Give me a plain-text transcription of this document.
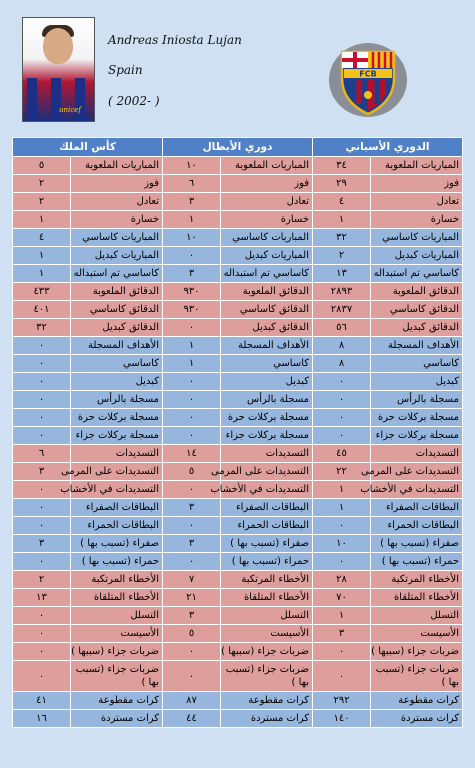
unicef
Andreas Iniosta Lujan
Spain
( 2002- )
FCB
الدوري الأسباني		دوري الأبطال		كأس الملك	
المباريات الملعوبة	٣٤	المباريات الملعوبة	١٠	المباريات الملعوبة	٥
فوز	٢٩	فوز	٦	فوز	٢
تعادل	٤	تعادل	٣	تعادل	٢
خسارة	١	خسارة	١	خسارة	١
المباريات كاساسي	٣٢	المباريات كاساسي	١٠	المباريات كاساسي	٤
المباريات كبديل	٢	المباريات كبديل	٠	المباريات كبديل	١
كاساسي تم استبداله	١٣	كاساسي تم استبداله	٣	كاساسي تم استبداله	١
الدقائق الملعوبة	٢٨٩٣	الدقائق الملعوبة	٩٣٠	الدقائق الملعوبة	٤٣٣
الدقائق كاساسي	٢٨٣٧	الدقائق كاساسي	٩٣٠	الدقائق كاساسي	٤٠١
الدقائق كبديل	٥٦	الدقائق كبديل	٠	الدقائق كبديل	٣٢
الأهداف المسجلة	٨	الأهداف المسجلة	١	الأهداف المسجلة	٠
كاساسي	٨	كاساسي	١	كاساسي	٠
كبديل	٠	كبديل	٠	كبديل	٠
مسجلة بالرأس	٠	مسجلة بالرأس	٠	مسجلة بالرأس	٠
مسجلة بركلات حرة	٠	مسجلة بركلات حرة	٠	مسجلة بركلات حرة	٠
مسجلة بركلات جزاء	٠	مسجلة بركلات جزاء	٠	مسجلة بركلات جزاء	٠
التسديدات	٤٥	التسديدات	١٤	التسديدات	٦
التسديدات على المرمى	٢٢	التسديدات على المرمى	٥	التسديدات على المرمى	٣
التسديدات في الأخشاب	١	التسديدات في الأخشاب	٠	التسديدات في الأخشاب	٠
البطاقات الصفراء	١	البطاقات الصفراء	٣	البطاقات الصفراء	٠
البطاقات الحمراء	٠	البطاقات الحمراء	٠	البطاقات الحمراء	٠
صفراء (تسبب بها )	١٠	صفراء (تسبب بها )	٣	صفراء (تسبب بها )	٣
حمراء (تسبب بها )	٠	حمراء (تسبب بها )	٠	حمراء (تسبب بها )	٠
الأخطاء المرتكبة	٢٨	الأخطاء المرتكبة	٧	الأخطاء المرتكبة	٢
الأخطاء المتلقاة	٧٠	الأخطاء المتلقاة	٢١	الأخطاء المتلقاة	١٣
التسلل	١	التسلل	٣	التسلل	٠
الأسيست	٣	الأسيست	٥	الأسيست	٠
ضربات جزاء (سببها )	٠	ضربات جزاء (سببها )	٠	ضربات جزاء (سببها )	٠
ضربات جزاء (تسبب بها )	٠	ضربات جزاء (تسبب بها )	٠	ضربات جزاء (تسبب بها )	٠
كرات مقطوعة	٢٩٢	كرات مقطوعة	٨٧	كرات مقطوعة	٤١
كرات مستردة	١٤٠	كرات مستردة	٤٤	كرات مستردة	١٦
